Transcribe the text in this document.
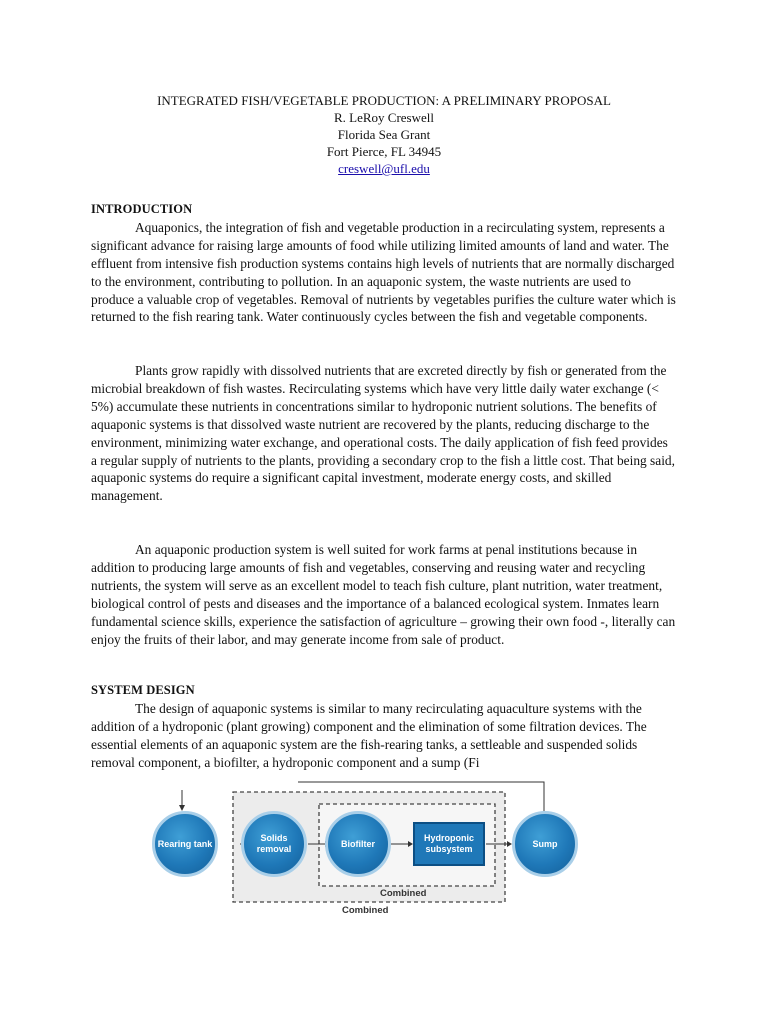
INTEGRATED FISH/VEGETABLE PRODUCTION: A PRELIMINARY PROPOSAL
R. LeRoy Creswell
Florida Sea Grant
Fort Pierce, FL 34945
creswell@ufl.edu
INTRODUCTION

Aquaponics, the integration of fish and vegetable production in a recirculating system, represents a significant advance for raising large amounts of food while utilizing limited amounts of land and water. The effluent from intensive fish production systems contains high levels of nutrients that are normally discharged to the environment, contributing to pollution. In an aquaponic system, the waste nutrients are used to produce a valuable crop of vegetables. Removal of nutrients by vegetables purifies the culture water which is returned to the fish rearing tank. Water continuously cycles between the fish and vegetable components.

Plants grow rapidly with dissolved nutrients that are excreted directly by fish or generated from the microbial breakdown of fish wastes. Recirculating systems which have very little daily water exchange (< 5%) accumulate these nutrients in concentrations similar to hydroponic nutrient solutions. The benefits of aquaponic systems is that dissolved waste nutrient are recovered by the plants, reducing discharge to the environment, minimizing water exchange, and operational costs. The daily application of fish feed provides a regular supply of nutrients to the plants, providing a secondary crop to the fish a little cost. That being said, aquaponic systems do require a significant capital investment, moderate energy costs, and skilled management.

An aquaponic production system is well suited for work farms at penal institutions because in addition to producing large amounts of fish and vegetables, conserving and reusing water and recycling nutrients, the system will serve as an excellent model to teach fish culture, plant nutrition, water treatment, biological control of pests and diseases and the importance of a balanced ecological system. Inmates learn fundamental science skills, experience the satisfaction of agriculture – growing their own food -, literally can enjoy the fruits of their labor, and may generate income from sale of product.

SYSTEM DESIGN

The design of aquaponic systems is similar to many recirculating aquaculture systems with the addition of a hydroponic (plant growing) component and the elimination of some filtration devices. The essential elements of an aquaponic system are the fish-rearing tanks, a settleable and suspended solids removal component, a biofilter, a hydroponic component and a sump (Fi

Rearing tank
Solids removal
Biofilter
Hydroponic subsystem
Sump
Combined
Combined
